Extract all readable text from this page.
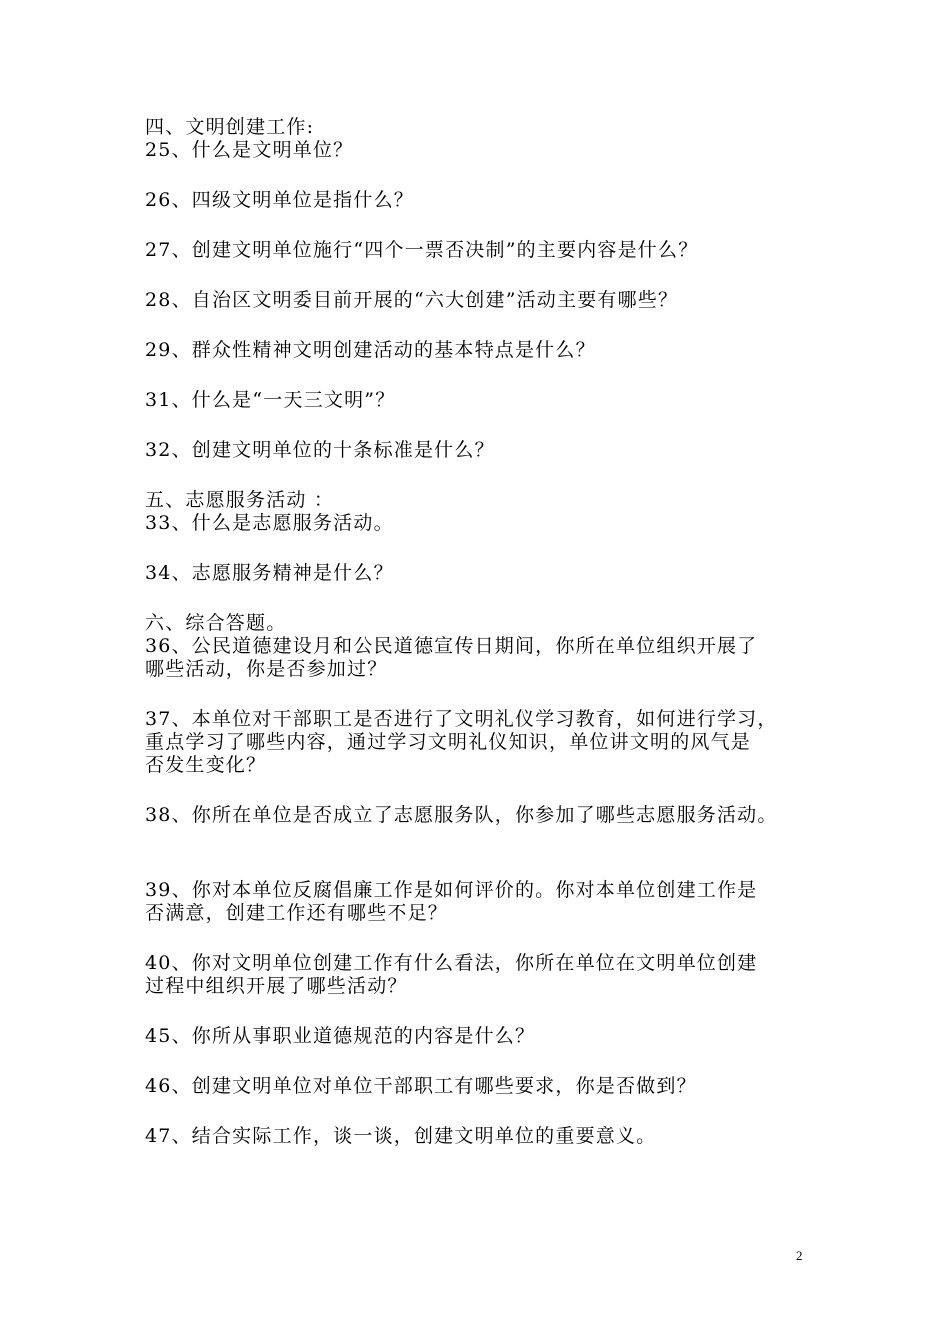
四、文明创建工作:

25、什么是文明单位？

26、四级文明单位是指什么？

27、创建文明单位施行“四个一票否决制”的主要内容是什么？

28、自治区文明委目前开展的“六大创建”活动主要有哪些？

29、群众性精神文明创建活动的基本特点是什么？

31、什么是“一天三文明”？

32、创建文明单位的十条标准是什么？

五、志愿服务活动 ：

33、什么是志愿服务活动。

34、志愿服务精神是什么？

六、综合答题。

36、公民道德建设月和公民道德宣传日期间，你所在单位组织开展了

哪些活动，你是否参加过？

37、本单位对干部职工是否进行了文明礼仪学习教育，如何进行学习，

重点学习了哪些内容，通过学习文明礼仪知识，单位讲文明的风气是

否发生变化？

38、你所在单位是否成立了志愿服务队，你参加了哪些志愿服务活动。

39、你对本单位反腐倡廉工作是如何评价的。你对本单位创建工作是

否满意，创建工作还有哪些不足？

40、你对文明单位创建工作有什么看法，你所在单位在文明单位创建

过程中组织开展了哪些活动？

45、你所从事职业道德规范的内容是什么？

46、创建文明单位对单位干部职工有哪些要求，你是否做到？

47、结合实际工作，谈一谈，创建文明单位的重要意义。

2
